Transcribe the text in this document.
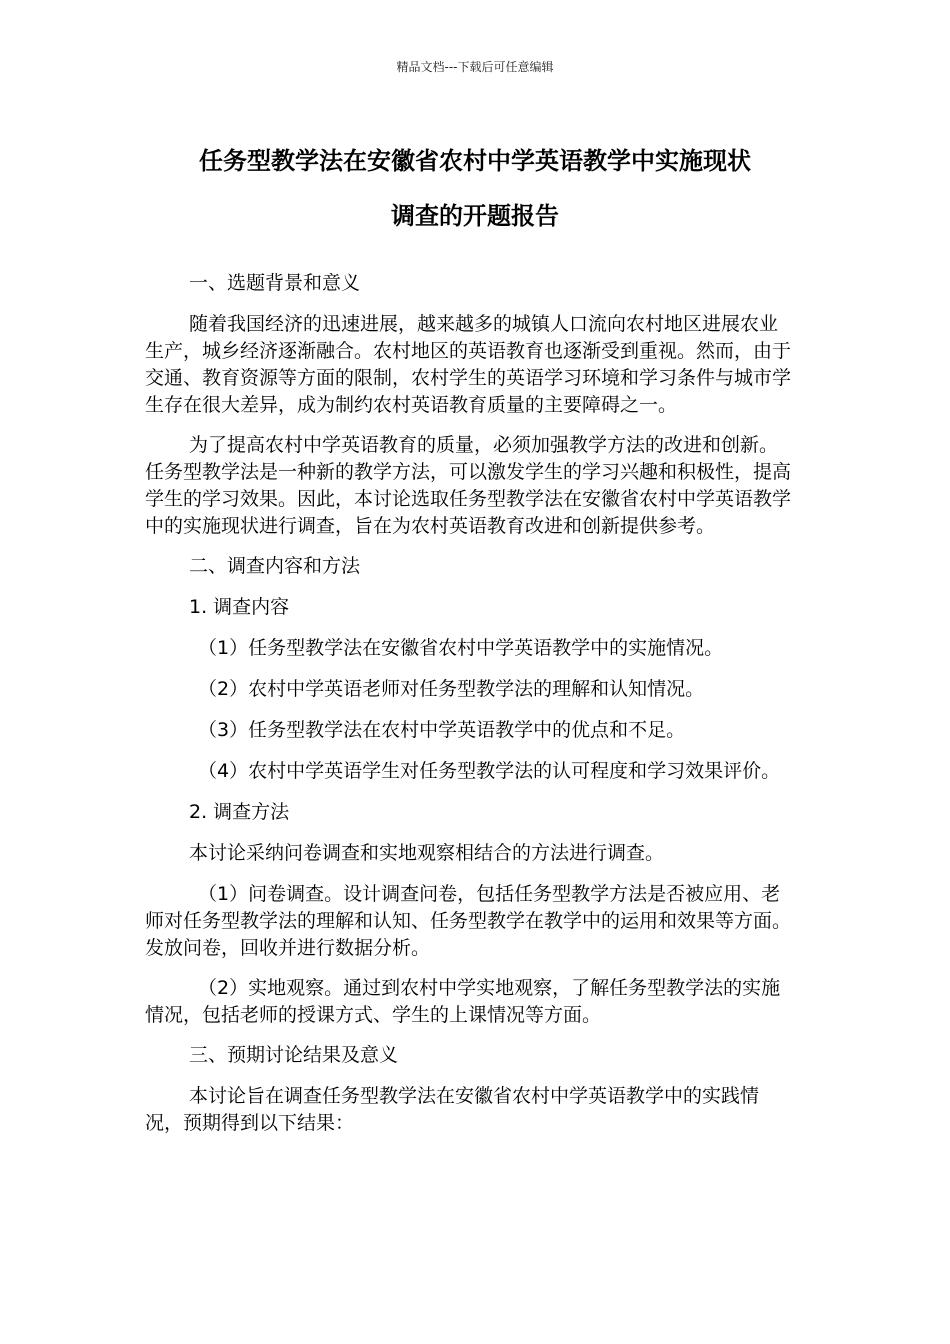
精品文档---下载后可任意编辑
任务型教学法在安徽省农村中学英语教学中实施现状
调查的开题报告
一、选题背景和意义
随着我国经济的迅速进展，越来越多的城镇人口流向农村地区进展农业生产，城乡经济逐渐融合。农村地区的英语教育也逐渐受到重视。然而，由于交通、教育资源等方面的限制，农村学生的英语学习环境和学习条件与城市学生存在很大差异，成为制约农村英语教育质量的主要障碍之一。
为了提高农村中学英语教育的质量，必须加强教学方法的改进和创新。任务型教学法是一种新的教学方法，可以激发学生的学习兴趣和积极性，提高学生的学习效果。因此，本讨论选取任务型教学法在安徽省农村中学英语教学中的实施现状进行调查，旨在为农村英语教育改进和创新提供参考。
二、调查内容和方法
1. 调查内容
（1）任务型教学法在安徽省农村中学英语教学中的实施情况。
（2）农村中学英语老师对任务型教学法的理解和认知情况。
（3）任务型教学法在农村中学英语教学中的优点和不足。
（4）农村中学英语学生对任务型教学法的认可程度和学习效果评价。
2. 调查方法
本讨论采纳问卷调查和实地观察相结合的方法进行调查。
（1）问卷调查。设计调查问卷，包括任务型教学方法是否被应用、老师对任务型教学法的理解和认知、任务型教学在教学中的运用和效果等方面。发放问卷，回收并进行数据分析。
（2）实地观察。通过到农村中学实地观察，了解任务型教学法的实施情况，包括老师的授课方式、学生的上课情况等方面。
三、预期讨论结果及意义
本讨论旨在调查任务型教学法在安徽省农村中学英语教学中的实践情况，预期得到以下结果：
